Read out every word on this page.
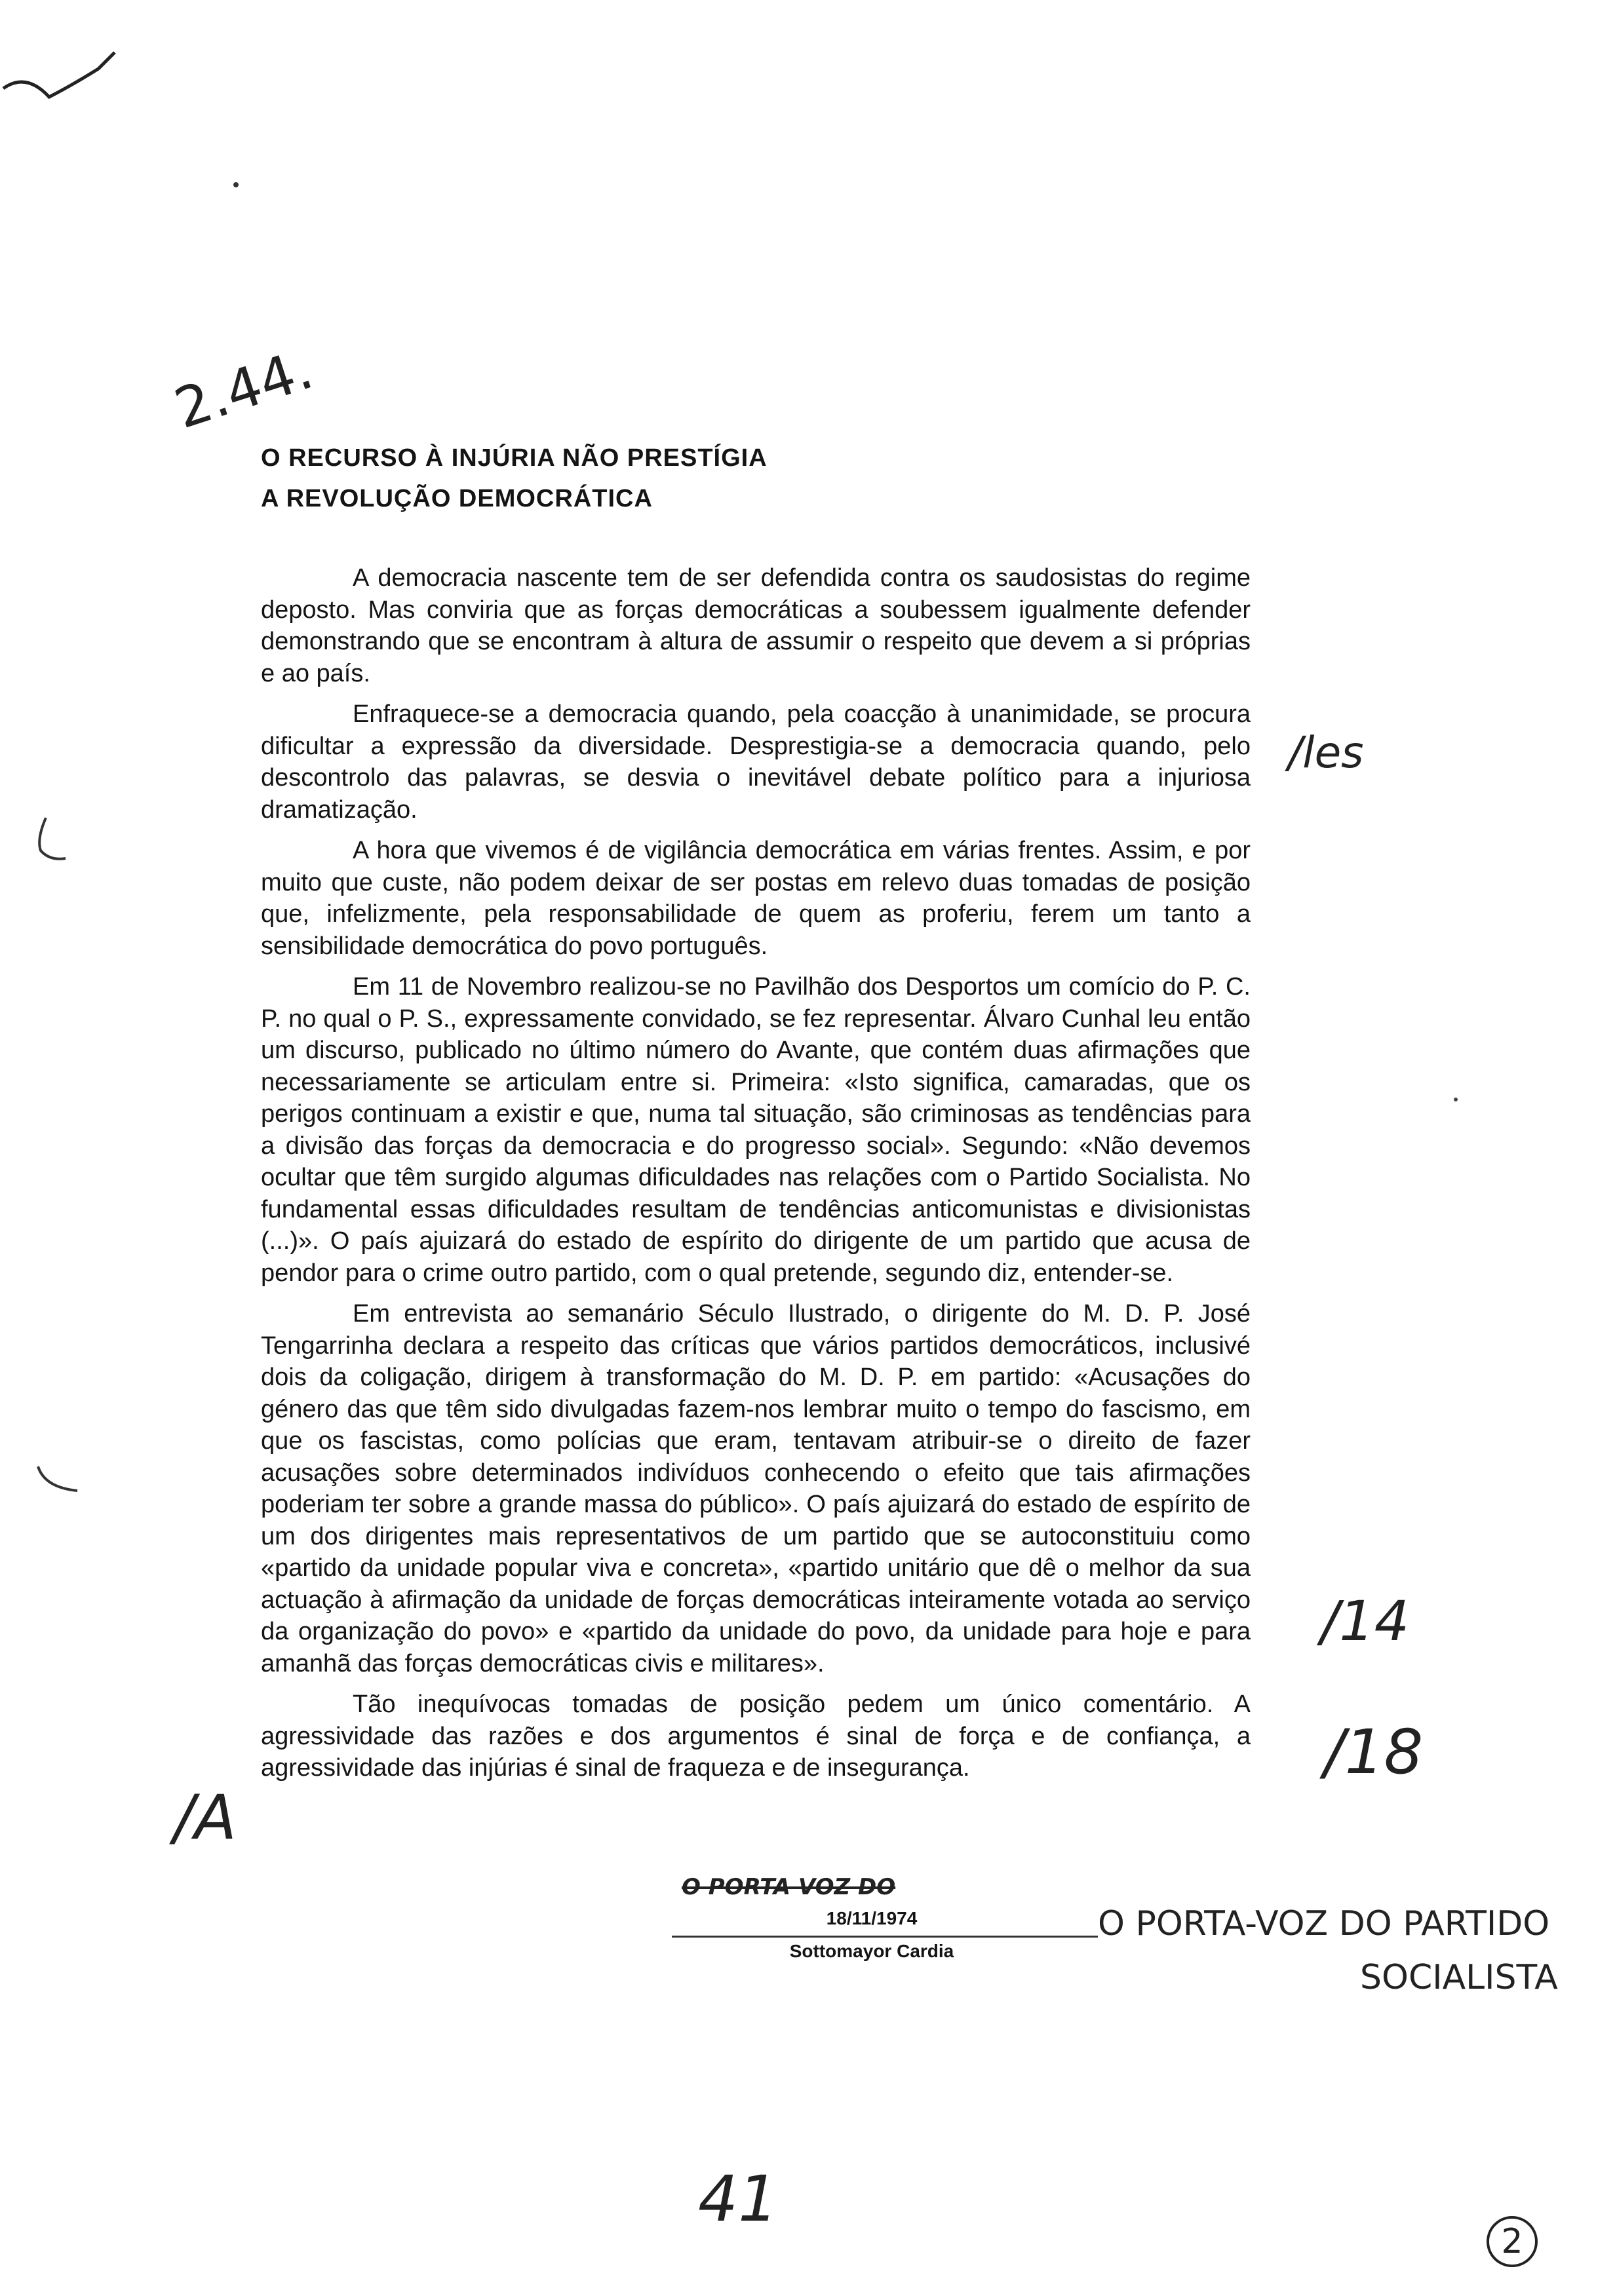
2.44.
O RECURSO À INJÚRIA NÃO PRESTÍGIA
A REVOLUÇÃO DEMOCRÁTICA

A democracia nascente tem de ser defendida contra os saudosistas do regime deposto. Mas conviria que as forças democráticas a soubessem igualmente defender demonstrando que se encontram à altura de assumir o respeito que devem a si próprias e ao país.

Enfraquece-se a democracia quando, pela coacção à unanimidade, se procura dificultar a expressão da diversidade. Desprestigia-se a democracia quando, pelo descontrolo das palavras, se desvia o inevitável debate político para a injuriosa dramatização.

A hora que vivemos é de vigilância democrática em várias frentes. Assim, e por muito que custe, não podem deixar de ser postas em relevo duas tomadas de posição que, infelizmente, pela responsabilidade de quem as proferiu, ferem um tanto a sensibilidade democrática do povo português.

Em 11 de Novembro realizou-se no Pavilhão dos Desportos um comício do P. C. P. no qual o P. S., expressamente convidado, se fez representar. Álvaro Cunhal leu então um discurso, publicado no último número do Avante, que contém duas afirmações que necessariamente se articulam entre si. Primeira: «Isto significa, camaradas, que os perigos continuam a existir e que, numa tal situação, são criminosas as tendências para a divisão das forças da democracia e do progresso social». Segundo: «Não devemos ocultar que têm surgido algumas dificuldades nas relações com o Partido Socialista. No fundamental essas dificuldades resultam de tendências anticomunistas e divisionistas (...)». O país ajuizará do estado de espírito do dirigente de um partido que acusa de pendor para o crime outro partido, com o qual pretende, segundo diz, entender-se.

Em entrevista ao semanário Século Ilustrado, o dirigente do M. D. P. José Tengarrinha declara a respeito das críticas que vários partidos democráticos, inclusivé dois da coligação, dirigem à transformação do M. D. P. em partido: «Acusações do género das que têm sido divulgadas fazem-nos lembrar muito o tempo do fascismo, em que os fascistas, como polícias que eram, tentavam atribuir-se o direito de fazer acusações sobre determinados indivíduos conhecendo o efeito que tais afirmações poderiam ter sobre a grande massa do público». O país ajuizará do estado de espírito de um dos dirigentes mais representativos de um partido que se autoconstituiu como «partido da unidade popular viva e concreta», «partido unitário que dê o melhor da sua actuação à afirmação da unidade de forças democráticas inteiramente votada ao serviço da organização do povo» e «partido da unidade do povo, da unidade para hoje e para amanhã das forças democráticas civis e militares».

Tão inequívocas tomadas de posição pedem um único comentário. A agressividade das razões e dos argumentos é sinal de força e de confiança, a agressividade das injúrias é sinal de fraqueza e de insegurança.

/les
/14
/18
/A
O PORTA VOZ DO
18/11/1974
Sottomayor Cardia
O PORTA-VOZ DO PARTIDO
SOCIALISTA
41
2
